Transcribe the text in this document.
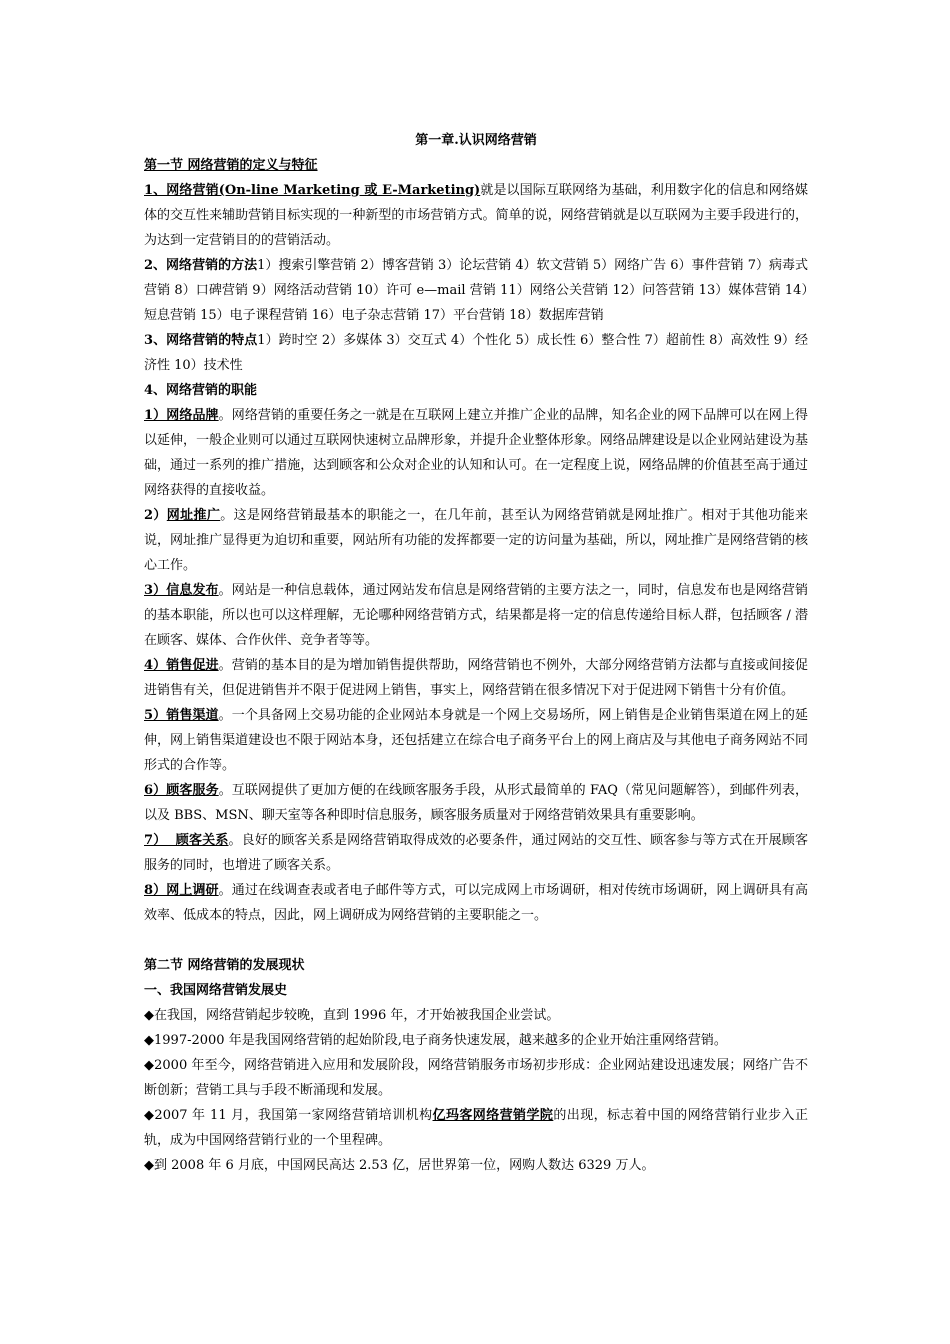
第一章.认识网络营销

第一节 网络营销的定义与特征

1、网络营销(On-line Marketing 或 E-Marketing)就是以国际互联网络为基础，利用数字化的信息和网络媒体的交互性来辅助营销目标实现的一种新型的市场营销方式。简单的说，网络营销就是以互联网为主要手段进行的，为达到一定营销目的的营销活动。

2、网络营销的方法1）搜索引擎营销 2）博客营销 3）论坛营销 4）软文营销 5）网络广告 6）事件营销 7）病毒式营销 8）口碑营销 9）网络活动营销 10）许可 e—mail 营销 11）网络公关营销 12）问答营销 13）媒体营销 14）短息营销 15）电子课程营销 16）电子杂志营销 17）平台营销 18）数据库营销

3、网络营销的特点1）跨时空 2）多媒体 3）交互式 4）个性化 5）成长性 6）整合性 7）超前性 8）高效性 9）经济性 10）技术性

4、网络营销的职能

1）网络品牌。网络营销的重要任务之一就是在互联网上建立并推广企业的品牌，知名企业的网下品牌可以在网上得以延伸，一般企业则可以通过互联网快速树立品牌形象，并提升企业整体形象。网络品牌建设是以企业网站建设为基础，通过一系列的推广措施，达到顾客和公众对企业的认知和认可。在一定程度上说，网络品牌的价值甚至高于通过网络获得的直接收益。

2）网址推广。这是网络营销最基本的职能之一，在几年前，甚至认为网络营销就是网址推广。相对于其他功能来说，网址推广显得更为迫切和重要，网站所有功能的发挥都要一定的访问量为基础，所以，网址推广是网络营销的核心工作。

3）信息发布。网站是一种信息载体，通过网站发布信息是网络营销的主要方法之一，同时，信息发布也是网络营销的基本职能，所以也可以这样理解，无论哪种网络营销方式，结果都是将一定的信息传递给目标人群，包括顾客 / 潜在顾客、媒体、合作伙伴、竞争者等等。

4）销售促进。营销的基本目的是为增加销售提供帮助，网络营销也不例外，大部分网络营销方法都与直接或间接促进销售有关，但促进销售并不限于促进网上销售，事实上，网络营销在很多情况下对于促进网下销售十分有价值。

5）销售渠道。一个具备网上交易功能的企业网站本身就是一个网上交易场所，网上销售是企业销售渠道在网上的延伸，网上销售渠道建设也不限于网站本身，还包括建立在综合电子商务平台上的网上商店及与其他电子商务网站不同形式的合作等。

6）顾客服务。互联网提供了更加方便的在线顾客服务手段，从形式最简单的 FAQ（常见问题解答），到邮件列表，以及 BBS、MSN、聊天室等各种即时信息服务，顾客服务质量对于网络营销效果具有重要影响。

7）  顾客关系。良好的顾客关系是网络营销取得成效的必要条件，通过网站的交互性、顾客参与等方式在开展顾客服务的同时，也增进了顾客关系。

8）网上调研。通过在线调查表或者电子邮件等方式，可以完成网上市场调研，相对传统市场调研，网上调研具有高效率、低成本的特点，因此，网上调研成为网络营销的主要职能之一。

第二节 网络营销的发展现状

一、我国网络营销发展史

◆在我国，网络营销起步较晚，直到 1996 年，才开始被我国企业尝试。

◆1997-2000 年是我国网络营销的起始阶段,电子商务快速发展，越来越多的企业开始注重网络营销。

◆2000 年至今，网络营销进入应用和发展阶段，网络营销服务市场初步形成：企业网站建设迅速发展；网络广告不断创新；营销工具与手段不断涌现和发展。

◆2007 年 11 月，我国第一家网络营销培训机构亿玛客网络营销学院的出现，标志着中国的网络营销行业步入正轨，成为中国网络营销行业的一个里程碑。

◆到 2008 年 6 月底，中国网民高达 2.53 亿，居世界第一位，网购人数达 6329 万人。
